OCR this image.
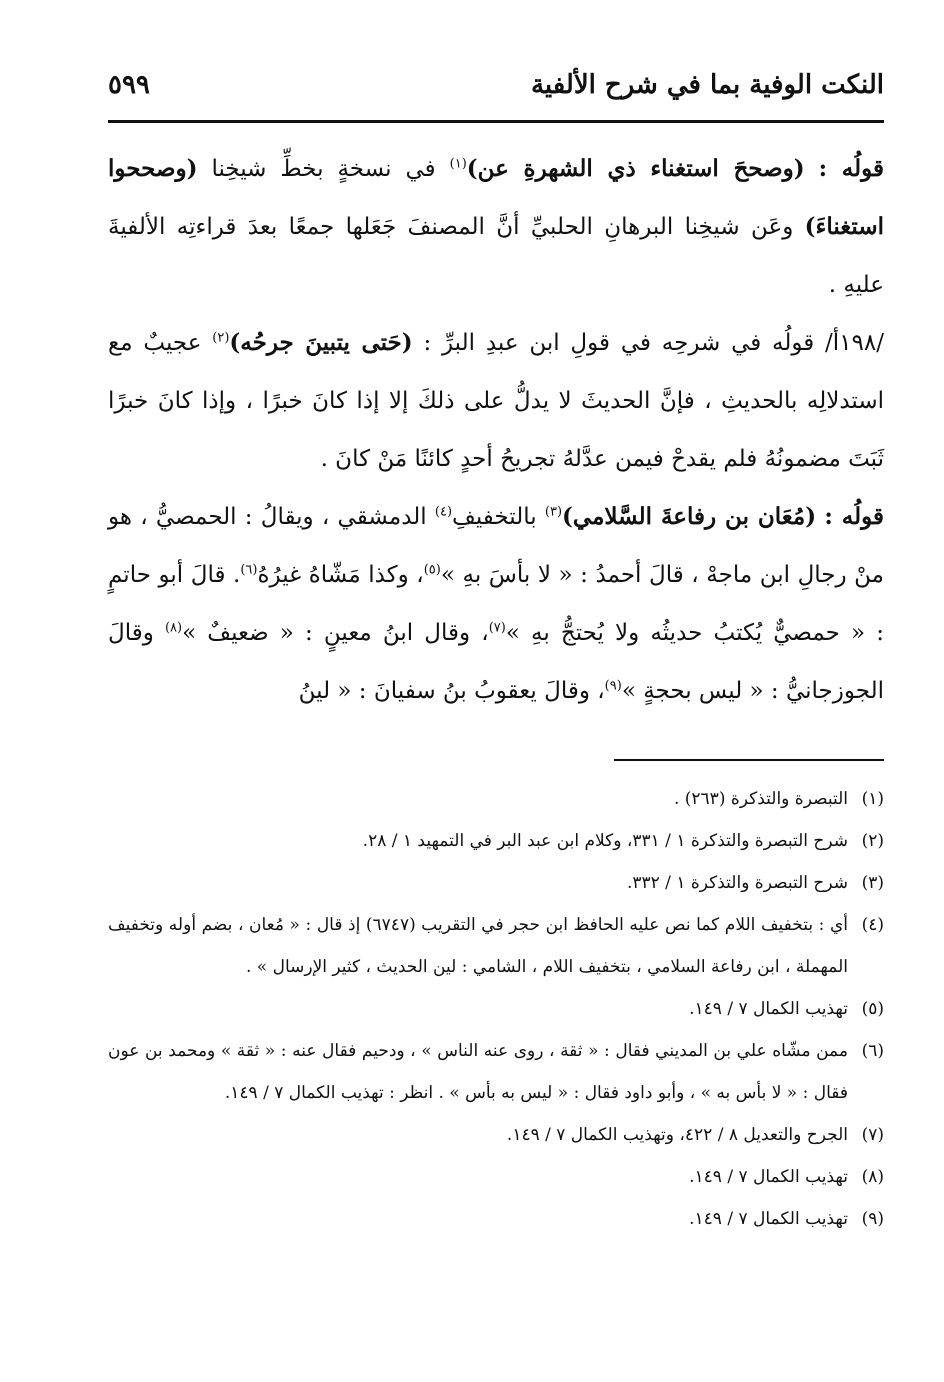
النكت الوفية بما في شرح الألفية
٥٩٩

قولُه : (وصححَ استغناء ذي الشهرةِ عن)$^{(١)}$ في نسخةٍ بخطِّ شيخِنا (وصححوا استغناءَ) وعَن شيخِنا البرهانِ الحلبيِّ أنَّ المصنفَ جَعَلها جمعًا بعدَ قراءتِه الألفيةَ عليهِ .

/١٩٨أ/ قولُه في شرحِه في قولِ ابن عبدِ البرِّ : (حَتى يتبينَ جرحُه)$^{(٢)}$ عجيبٌ مع استدلالِه بالحديثِ ، فإنَّ الحديثَ لا يدلُّ على ذلكَ إلا إذا كانَ خبرًا ، وإذا كانَ خبرًا ثَبَتَ مضمونُهُ فلم يقدحْ فيمن عدَّلهُ تجريحُ أحدٍ كائنًا مَنْ كانَ .

قولُه : (مُعَان بن رفاعةَ السَّلامي)$^{(٣)}$ بالتخفيفِ$^{(٤)}$ الدمشقي ، ويقالُ : الحمصيُّ ، هو منْ رجالِ ابن ماجهْ ، قالَ أحمدُ : « لا بأسَ بهِ »$^{(٥)}$، وكذا مَشّاهُ غيرُهُ$^{(٦)}$. قالَ أبو حاتمٍ : « حمصيٌّ يُكتبُ حديثُه ولا يُحتجُّ بهِ »$^{(٧)}$، وقال ابنُ معينٍ : « ضعيفٌ »$^{(٨)}$ وقالَ الجوزجانيُّ : « ليس بحجةٍ »$^{(٩)}$، وقالَ يعقوبُ بنُ سفيانَ : « لينُ

(١)التبصرة والتذكرة (٢٦٣) .

(٢)شرح التبصرة والتذكرة ١ / ٣٣١، وكلام ابن عبد البر في التمهيد ١ / ٢٨.

(٣)شرح التبصرة والتذكرة ١ / ٣٣٢.

(٤)أي : بتخفيف اللام كما نص عليه الحافظ ابن حجر في التقريب (٦٧٤٧) إذ قال : « مُعان ، بضم أوله وتخفيف المهملة ، ابن رفاعة السلامي ، بتخفيف اللام ، الشامي : لين الحديث ، كثير الإرسال » .

(٥)تهذيب الكمال ٧ / ١٤٩.

(٦)ممن مشّاه علي بن المديني فقال : « ثقة ، روى عنه الناس » ، ودحيم فقال عنه : « ثقة » ومحمد بن عون فقال : « لا بأس به » ، وأبو داود فقال : « ليس به بأس » . انظر : تهذيب الكمال ٧ / ١٤٩.

(٧)الجرح والتعديل ٨ / ٤٢٢، وتهذيب الكمال ٧ / ١٤٩.

(٨)تهذيب الكمال ٧ / ١٤٩.

(٩)تهذيب الكمال ٧ / ١٤٩.
